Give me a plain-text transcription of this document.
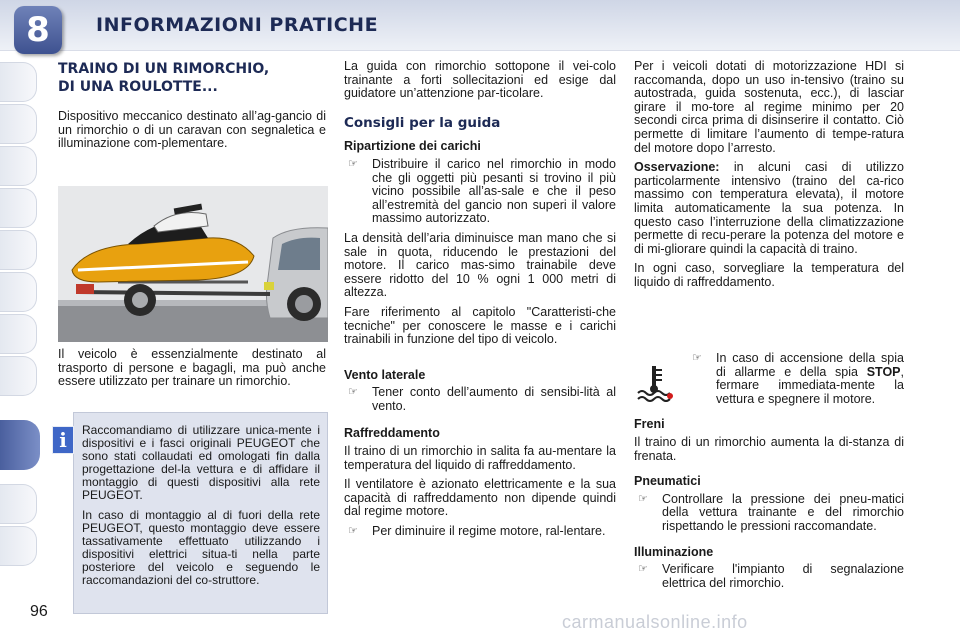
8	INFORMAZIONI PRATICHE

TRAINO DI UN RIMORCHIO,

DI UNA ROULOTTE...

Dispositivo meccanico destinato all’ag-gancio di un rimorchio o di un caravan con segnaletica e illuminazione com-plementare.

Il veicolo è essenzialmente destinato al trasporto di persone e bagagli, ma può anche essere utilizzato per trainare un rimorchio.

i	Raccomandiamo di utilizzare unica-mente i dispositivi e i fasci originali PEUGEOT che sono stati collaudati ed omologati fin dalla progettazione del-la vettura e di affidare il montaggio di questi dispositivi alla rete PEUGEOT.

In caso di montaggio al di fuori della rete PEUGEOT, questo montaggio deve essere tassativamente effettuato utilizzando i dispositivi elettrici situa-ti nella parte posteriore del veicolo e seguendo le raccomandazioni del co-struttore.

La guida con rimorchio sottopone il vei-colo trainante a forti sollecitazioni ed esige dal guidatore un’attenzione par-ticolare.

Consigli per la guida

Ripartizione dei carichi

☞	Distribuire il carico nel rimorchio in modo che gli oggetti più pesanti si trovino il più vicino possibile all’as-sale e che il peso all’estremità del gancio non superi il valore massimo autorizzato.

La densità dell’aria diminuisce man mano che si sale in quota, riducendo le prestazioni del motore. Il carico mas-simo trainabile deve essere ridotto del 10 % ogni 1 000 metri di altezza.

Fare riferimento al capitolo "Caratteristi-che tecniche" per conoscere le masse e i carichi trainabili in funzione del tipo di veicolo.

Vento laterale

☞	Tener conto dell’aumento di sensibi-lità al vento.

Raffreddamento

Il traino di un rimorchio in salita fa au-mentare la temperatura del liquido di raffreddamento.

Il ventilatore è azionato elettricamente e la sua capacità di raffreddamento non dipende quindi dal regime motore.

☞	Per diminuire il regime motore, ral-lentare.

Per i veicoli dotati di motorizzazione HDI si raccomanda, dopo un uso in-tensivo (traino su autostrada, guida sostenuta, ecc.), di lasciar girare il mo-tore al regime minimo per 20 secondi circa prima di disinserire il contatto. Ciò permette di limitare l’aumento di tempe-ratura del motore dopo l’arresto.

Osservazione: in alcuni casi di utilizzo particolarmente intensivo (traino del ca-rico massimo con temperatura elevata), il motore limita automaticamente la sua potenza. In questo caso l’interruzione della climatizzazione permette di recu-perare la potenza del motore e di mi-gliorare quindi la capacità di traino.

In ogni caso, sorvegliare la temperatura del liquido di raffreddamento.

☞	In caso di accensione della spia di allarme e della spia STOP, fermare immediata-mente la vettura e spegnere il motore.

Freni

Il traino di un rimorchio aumenta la di-stanza di frenata.

Pneumatici

☞	Controllare la pressione dei pneu-matici della vettura trainante e del rimorchio rispettando le pressioni raccomandate.

Illuminazione

☞	Verificare l'impianto di segnalazione elettrica del rimorchio.
96
carmanualsonline.info
